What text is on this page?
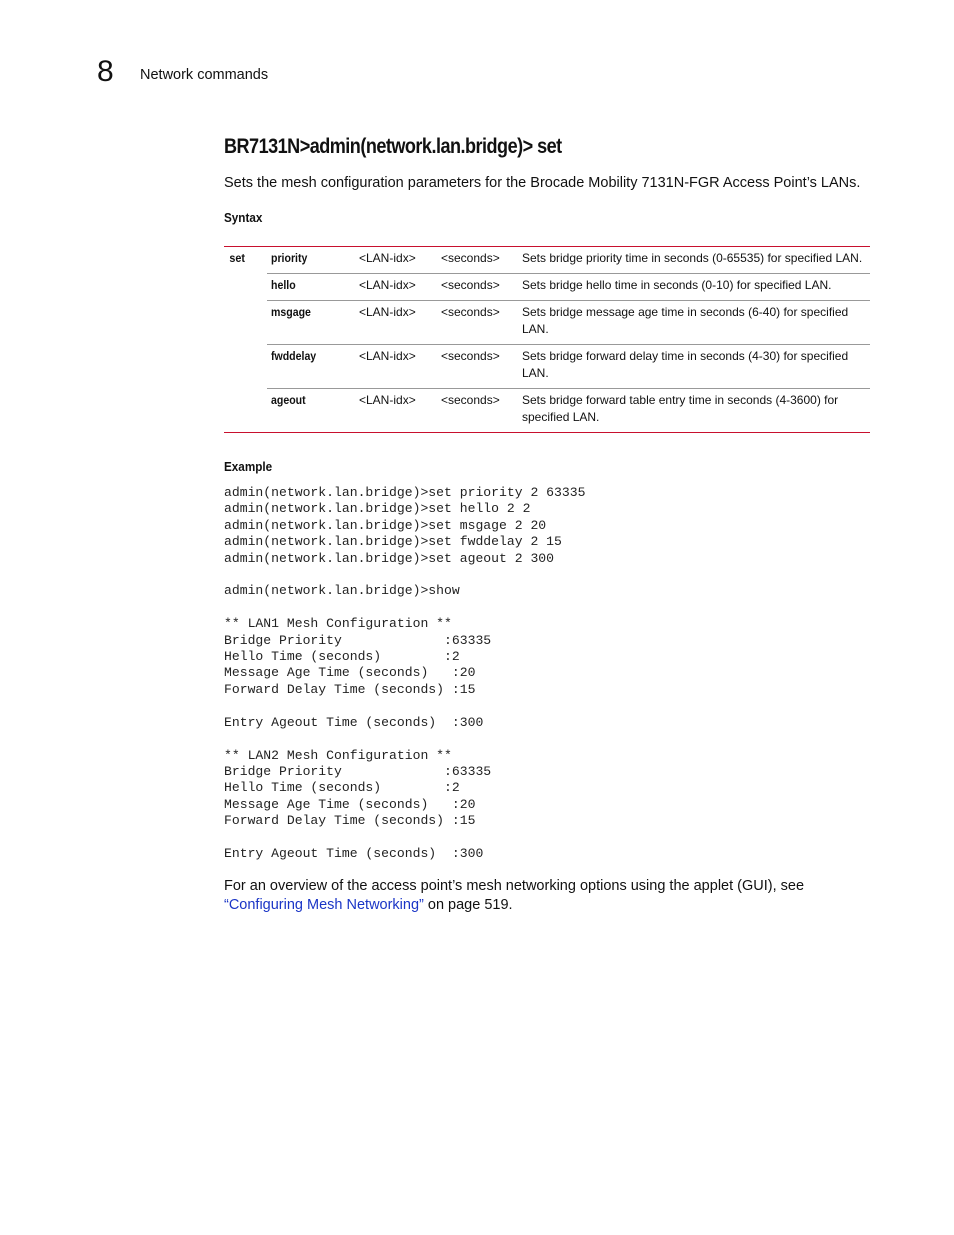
8 Network commands
BR7131N>admin(network.lan.bridge)> set
Sets the mesh configuration parameters for the Brocade Mobility 7131N-FGR Access Point’s LANs.
Syntax
set	priority	<LAN-idx>	<seconds>	Sets bridge priority time in seconds (0-65535) for specified LAN.
	hello	<LAN-idx>	<seconds>	Sets bridge hello time in seconds (0-10) for specified LAN.
	msgage	<LAN-idx>	<seconds>	Sets bridge message age time in seconds (6-40) for specified LAN.
	fwddelay	<LAN-idx>	<seconds>	Sets bridge forward delay time in seconds (4-30) for specified LAN.
	ageout	<LAN-idx>	<seconds>	Sets bridge forward table entry time in seconds (4-3600) for specified LAN.
Example
admin(network.lan.bridge)>set priority 2 63335
admin(network.lan.bridge)>set hello 2 2
admin(network.lan.bridge)>set msgage 2 20
admin(network.lan.bridge)>set fwddelay 2 15
admin(network.lan.bridge)>set ageout 2 300

admin(network.lan.bridge)>show

** LAN1 Mesh Configuration **
Bridge Priority             :63335
Hello Time (seconds)        :2
Message Age Time (seconds)   :20
Forward Delay Time (seconds) :15

Entry Ageout Time (seconds)  :300

** LAN2 Mesh Configuration **
Bridge Priority             :63335
Hello Time (seconds)        :2
Message Age Time (seconds)   :20
Forward Delay Time (seconds) :15

Entry Ageout Time (seconds)  :300
For an overview of the access point’s mesh networking options using the applet (GUI), see “Configuring Mesh Networking” on page 519.
